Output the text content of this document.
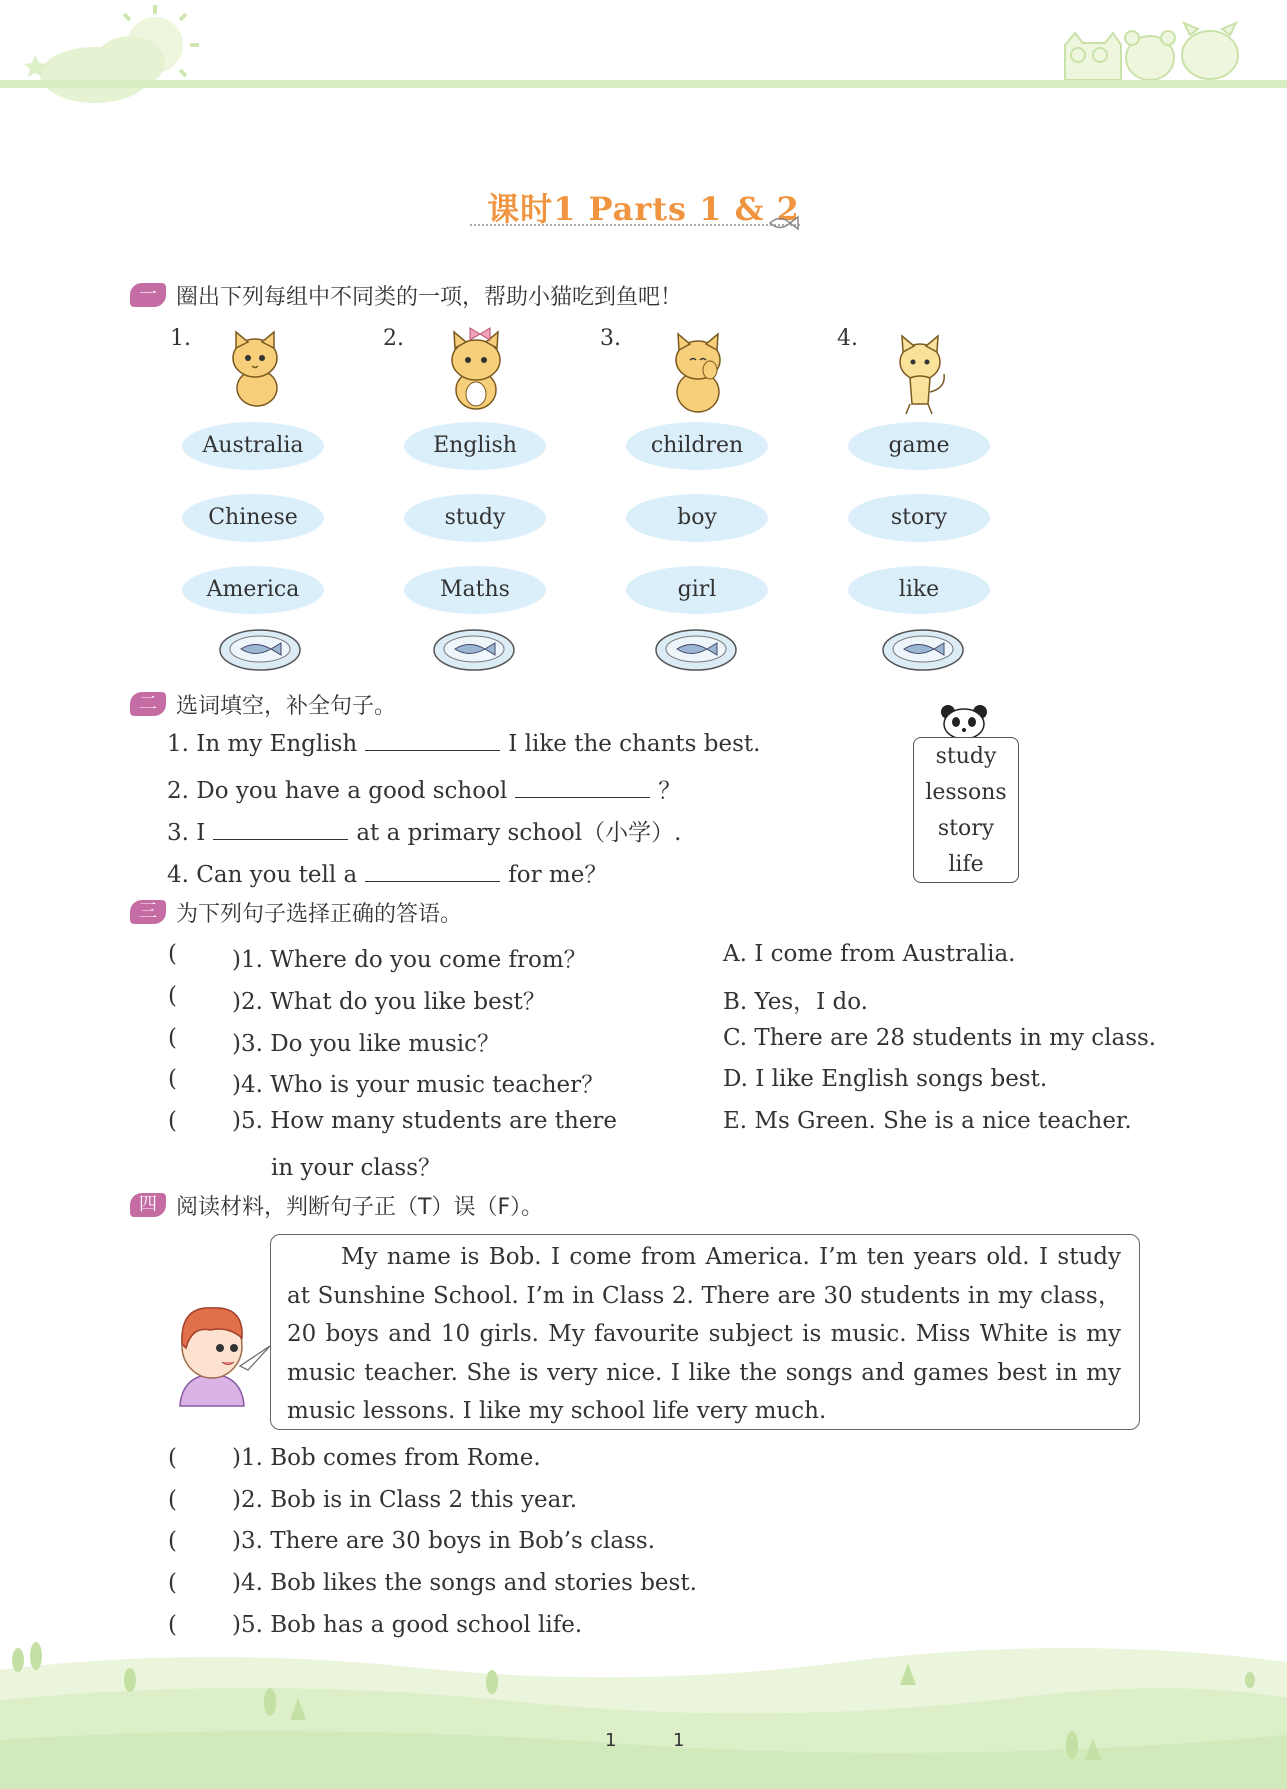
课时1 Parts 1 & 2
一 圈出下列每组中不同类的一项，帮助小猫吃到鱼吧！
1.	2.	3.	4.
Australia
Chinese
America
English
study
Maths
children
boy
girl
game
story
like
二 选词填空，补全句子。
1. In my English	I like the chants best.
2. Do you have a good school	？
3. I	at a primary school（小学）.
4. Can you tell a	for me？
study
lessons
story
life
三 为下列句子选择正确的答语。
( )1. Where do you come from？
( )2. What do you like best？
( )3. Do you like music？
( )4. Who is your music teacher？
( )5. How many students are there
in your class？
A. I come from Australia.
B. Yes，I do.
C. There are 28 students in my class.
D. I like English songs best.
E. Ms Green. She is a nice teacher.
四 阅读材料，判断句子正（T）误（F）。
My name is Bob. I come from America. I’m ten years old. I study at Sunshine School. I’m in Class 2. There are 30 students in my class，20 boys and 10 girls. My favourite subject is music. Miss White is my music teacher. She is very nice. I like the songs and games best in my music lessons. I like my school life very much.
( )1. Bob comes from Rome.
( )2. Bob is in Class 2 this year.
( )3. There are 30 boys in Bob’s class.
( )4. Bob likes the songs and stories best.
( )5. Bob has a good school life.
1	1
